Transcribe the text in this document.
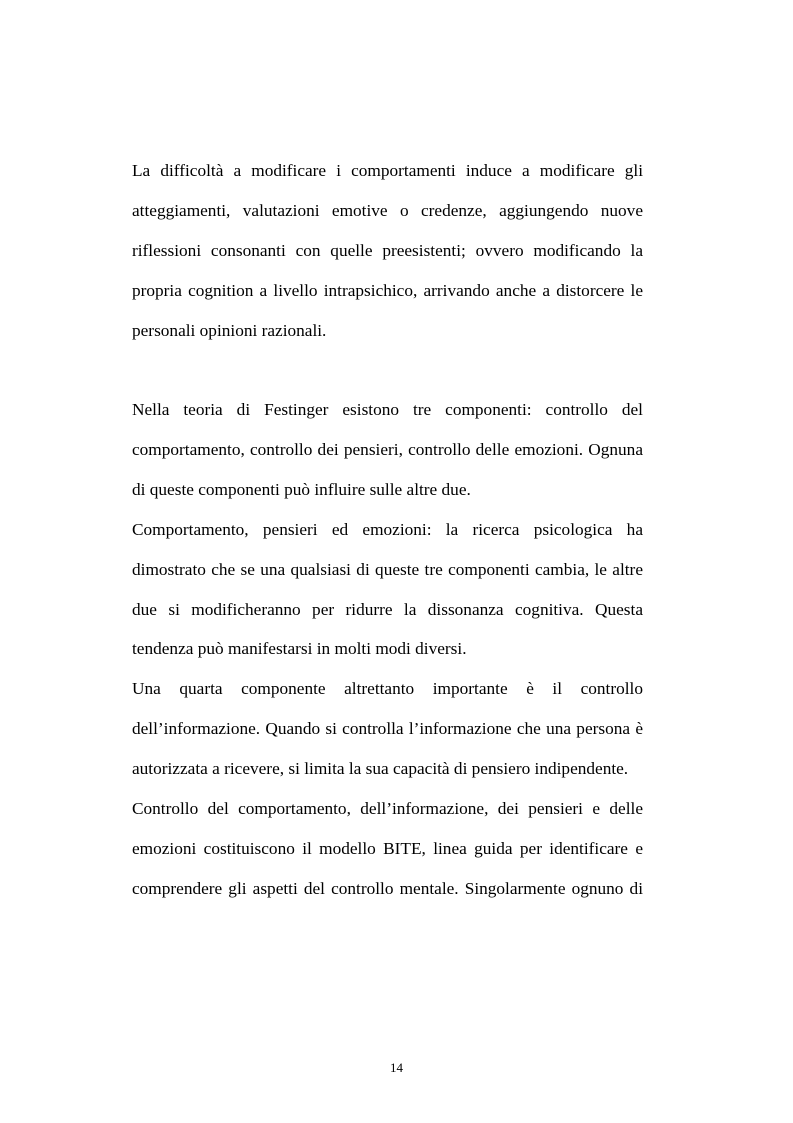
La difficoltà a modificare i comportamenti induce a modificare gli
atteggiamenti, valutazioni emotive o credenze, aggiungendo nuove
riflessioni consonanti con quelle preesistenti; ovvero modificando la
propria cognition a livello intrapsichico, arrivando anche a distorcere le
personali opinioni razionali.
Nella teoria di Festinger esistono tre componenti: controllo del
comportamento, controllo dei pensieri, controllo delle emozioni. Ognuna
di queste componenti può influire sulle altre due.
Comportamento, pensieri ed emozioni: la ricerca psicologica ha
dimostrato che se una qualsiasi di queste tre componenti cambia, le altre
due si modificheranno per ridurre la dissonanza cognitiva. Questa
tendenza può manifestarsi in molti modi diversi.
Una quarta componente altrettanto importante è il controllo
dell’informazione. Quando si controlla l’informazione che una persona è
autorizzata a ricevere, si limita la sua capacità di pensiero indipendente.
Controllo del comportamento, dell’informazione, dei pensieri e delle
emozioni costituiscono il modello BITE, linea guida per identificare e
comprendere gli aspetti del controllo mentale. Singolarmente ognuno di
14
